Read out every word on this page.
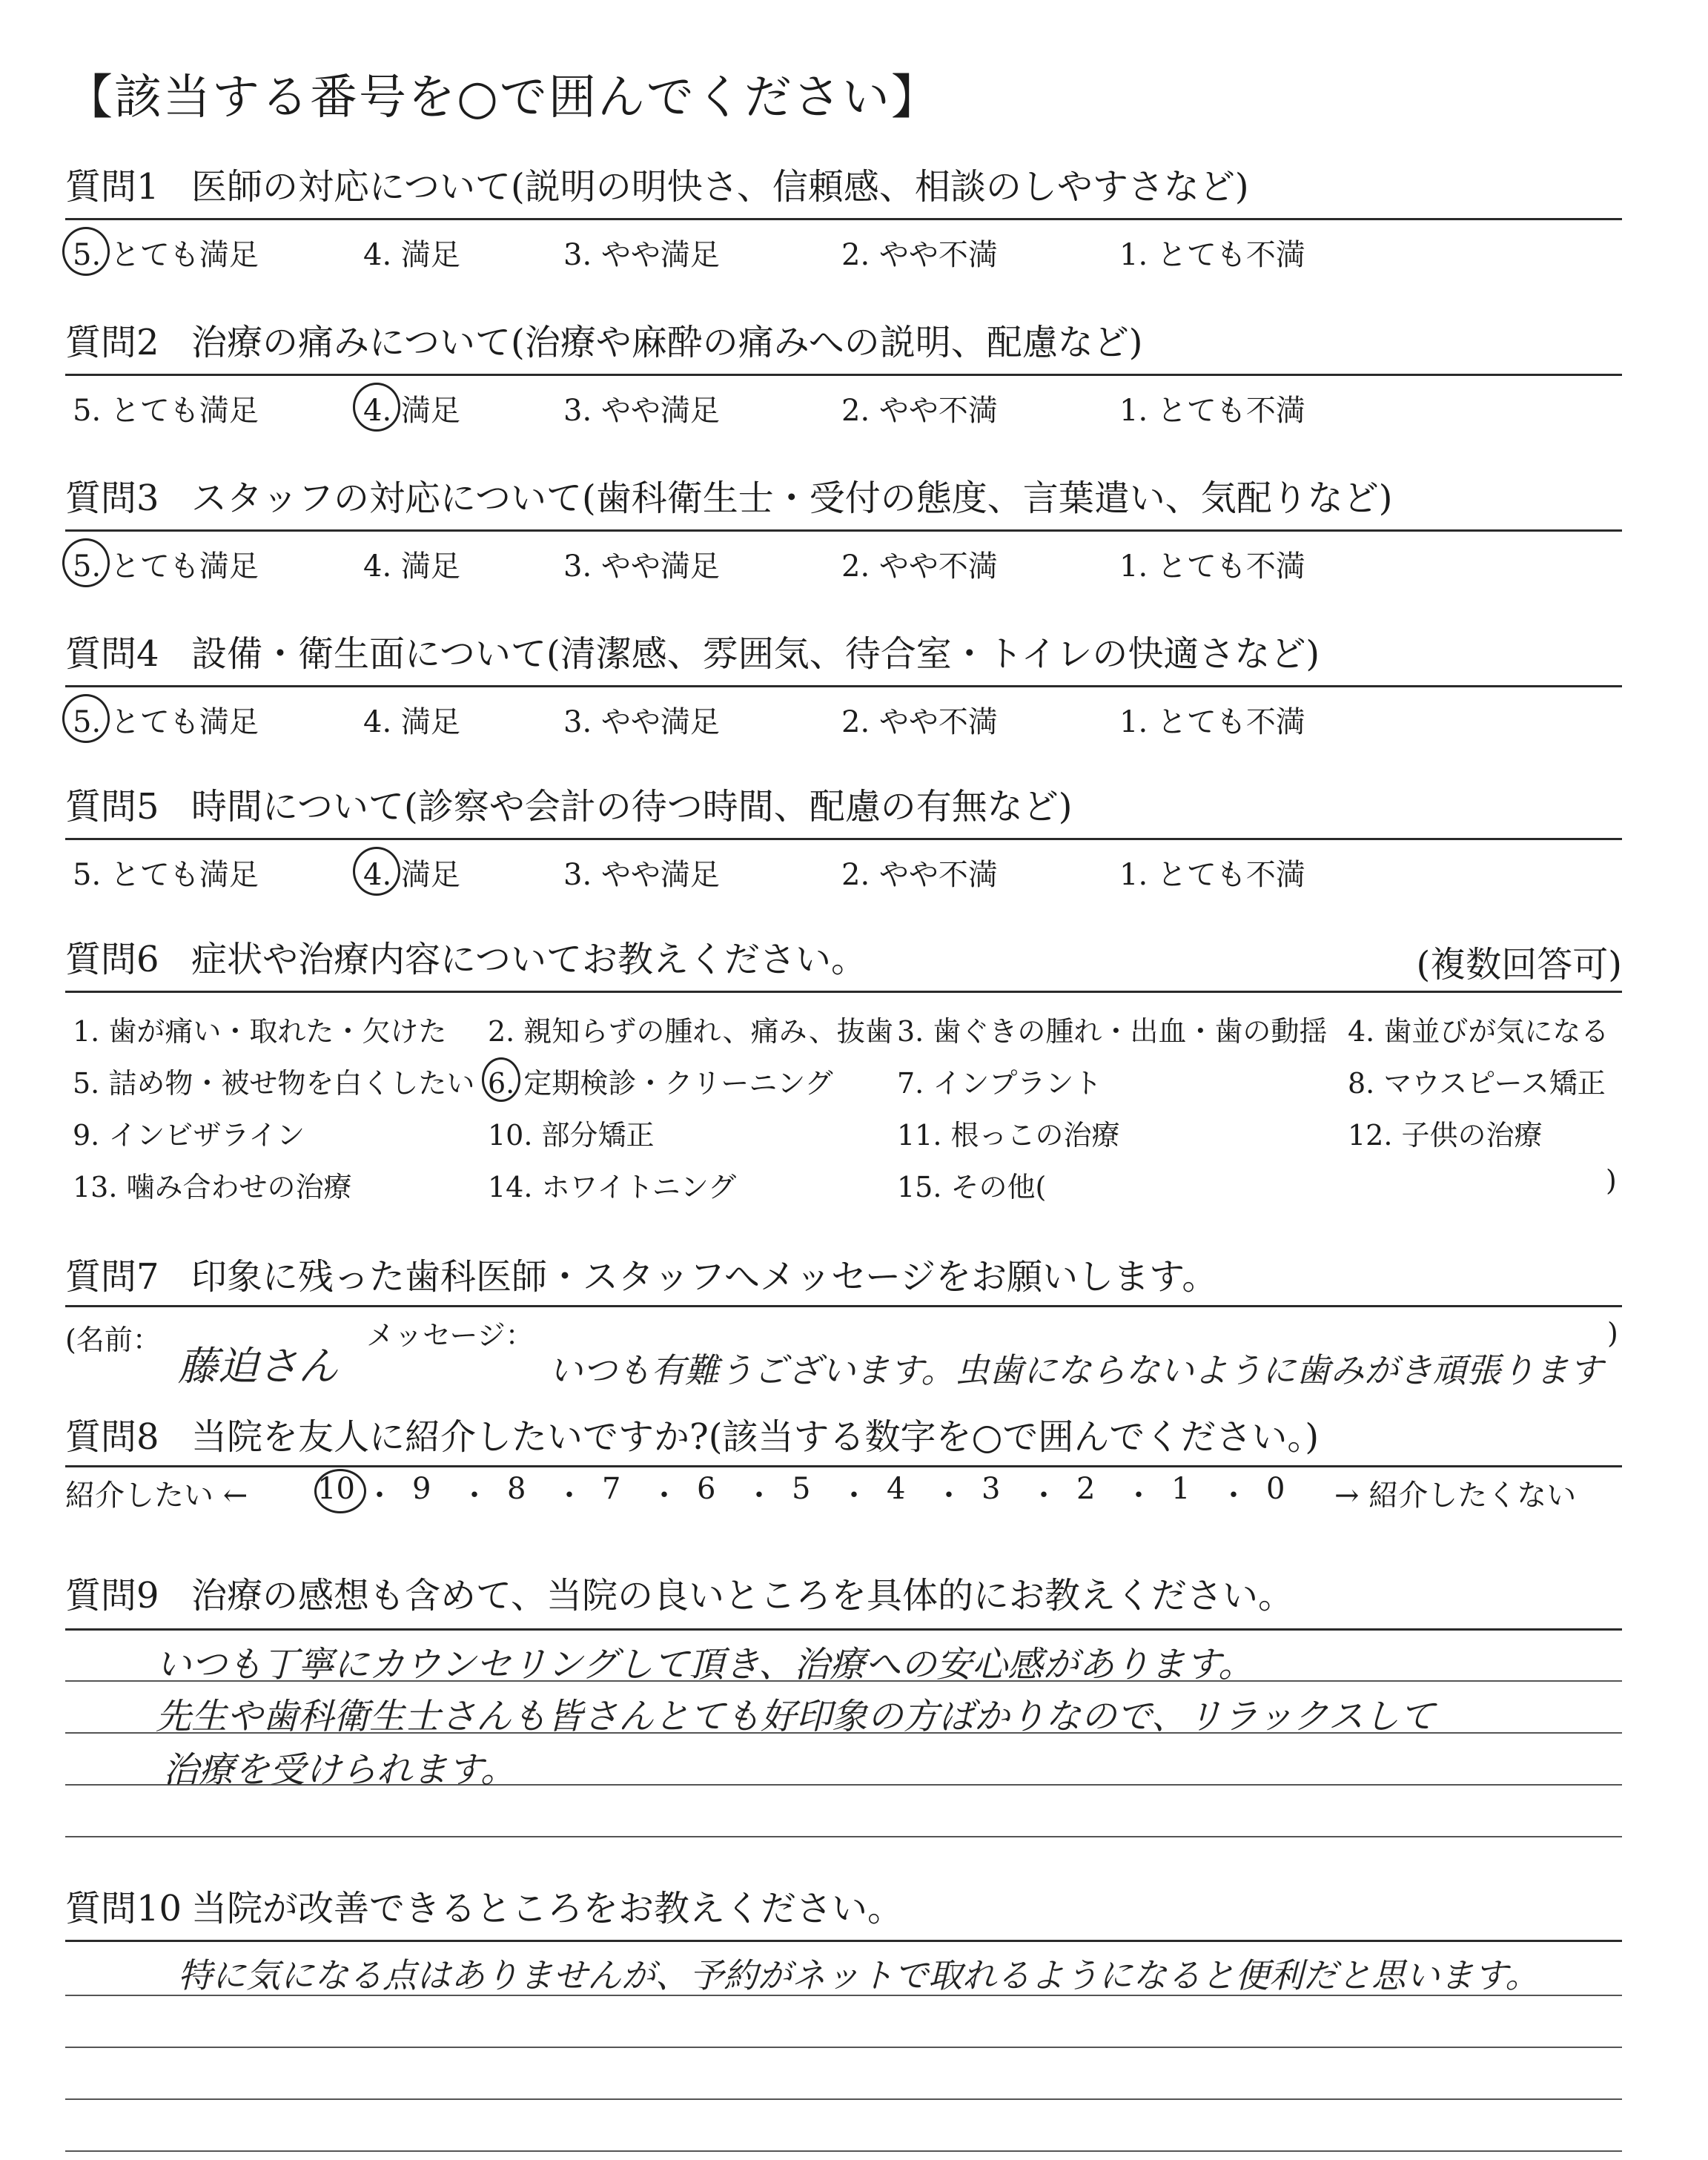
【該当する番号を○で囲んでください】
質問1 医師の対応について(説明の明快さ、信頼感、相談のしやすさなど)
5. とても満足	4. 満足	3. やや満足	2. やや不満	1. とても不満
質問2 治療の痛みについて(治療や麻酔の痛みへの説明、配慮など)
5. とても満足	4. 満足	3. やや満足	2. やや不満	1. とても不満
質問3 スタッフの対応について(歯科衛生士・受付の態度、言葉遣い、気配りなど)
5. とても満足	4. 満足	3. やや満足	2. やや不満	1. とても不満
質問4 設備・衛生面について(清潔感、雰囲気、待合室・トイレの快適さなど)
5. とても満足	4. 満足	3. やや満足	2. やや不満	1. とても不満
質問5 時間について(診察や会計の待つ時間、配慮の有無など)
5. とても満足	4. 満足	3. やや満足	2. やや不満	1. とても不満
質問6 症状や治療内容についてお教えください。	(複数回答可)
1. 歯が痛い・取れた・欠けた 2. 親知らずの腫れ、痛み、抜歯 3. 歯ぐきの腫れ・出血・歯の動揺 4. 歯並びが気になる
5. 詰め物・被せ物を白くしたい 6. 定期検診・クリーニング 7. インプラント	8. マウスピース矯正
9. インビザライン	10. 部分矯正	11. 根っこの治療	12. 子供の治療
13. 噛み合わせの治療	14. ホワイトニング	15. その他(	)
質問7 印象に残った歯科医師・スタッフへメッセージをお願いします。
(名前：
藤迫さん
メッセージ：
いつも有難うございます。虫歯にならないように歯みがき頑張ります
)
質問8 当院を友人に紹介したいですか?(該当する数字を○で囲んでください。)
紹介したい ← 10 ・ 9 ・ 8 ・ 7 ・ 6 ・ 5 ・ 4 ・ 3 ・ 2 ・ 1 ・ 0 → 紹介したくない
質問9 治療の感想も含めて、当院の良いところを具体的にお教えください。
いつも丁寧にカウンセリングして頂き、治療への安心感があります。
先生や歯科衛生士さんも皆さんとても好印象の方ばかりなので、リラックスして
治療を受けられます。
質問10 当院が改善できるところをお教えください。
特に気になる点はありませんが、予約がネットで取れるようになると便利だと思います。
